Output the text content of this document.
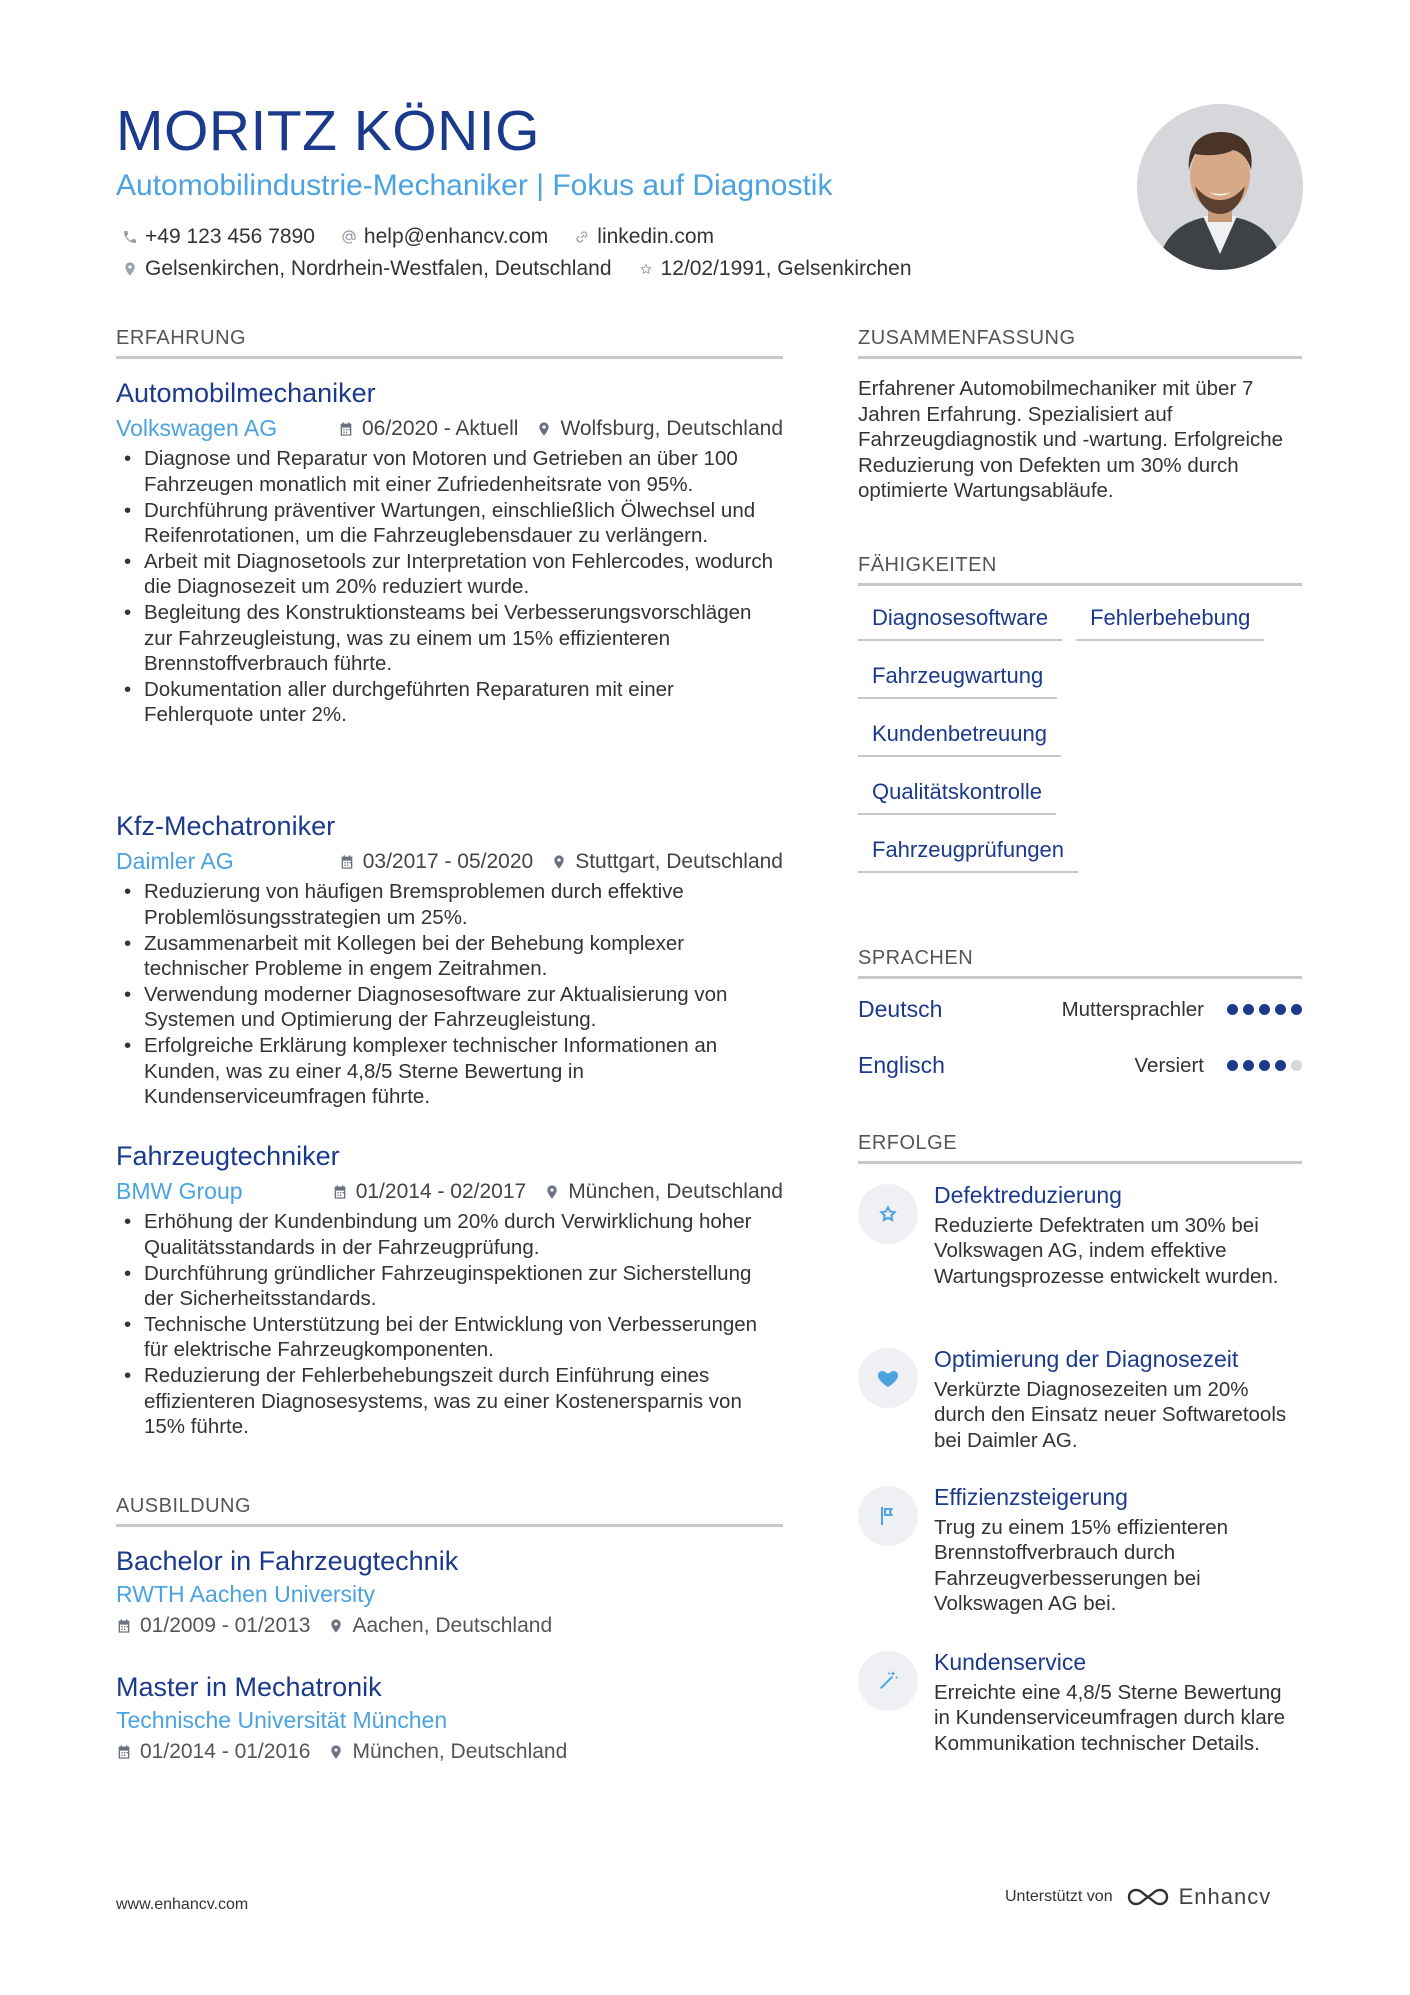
MORITZ KÖNIG
Automobilindustrie-Mechaniker | Fokus auf Diagnostik
+49 123 456 7890 help@enhancv.com linkedin.com
Gelsenkirchen, Nordrhein-Westfalen, Deutschland 12/02/1991, Gelsenkirchen
ERFAHRUNG
Automobilmechaniker
Volkswagen AG	06/2020 - Aktuell Wolfsburg, Deutschland
• Diagnose und Reparatur von Motoren und Getrieben an über 100 Fahrzeugen monatlich mit einer Zufriedenheitsrate von 95%.
• Durchführung präventiver Wartungen, einschließlich Ölwechsel und Reifenrotationen, um die Fahrzeuglebensdauer zu verlängern.
• Arbeit mit Diagnosetools zur Interpretation von Fehlercodes, wodurch die Diagnosezeit um 20% reduziert wurde.
• Begleitung des Konstruktionsteams bei Verbesserungsvorschlägen zur Fahrzeugleistung, was zu einem um 15% effizienteren Brennstoffverbrauch führte.
• Dokumentation aller durchgeführten Reparaturen mit einer Fehlerquote unter 2%.
Kfz-Mechatroniker
Daimler AG	03/2017 - 05/2020 Stuttgart, Deutschland
• Reduzierung von häufigen Bremsproblemen durch effektive Problemlösungsstrategien um 25%.
• Zusammenarbeit mit Kollegen bei der Behebung komplexer technischer Probleme in engem Zeitrahmen.
• Verwendung moderner Diagnosesoftware zur Aktualisierung von Systemen und Optimierung der Fahrzeugleistung.
• Erfolgreiche Erklärung komplexer technischer Informationen an Kunden, was zu einer 4,8/5 Sterne Bewertung in Kundenserviceumfragen führte.
Fahrzeugtechniker
BMW Group	01/2014 - 02/2017 München, Deutschland
• Erhöhung der Kundenbindung um 20% durch Verwirklichung hoher Qualitätsstandards in der Fahrzeugprüfung.
• Durchführung gründlicher Fahrzeuginspektionen zur Sicherstellung der Sicherheitsstandards.
• Technische Unterstützung bei der Entwicklung von Verbesserungen für elektrische Fahrzeugkomponenten.
• Reduzierung der Fehlerbehebungszeit durch Einführung eines effizienteren Diagnosesystems, was zu einer Kostenersparnis von 15% führte.
AUSBILDUNG
Bachelor in Fahrzeugtechnik
RWTH Aachen University
01/2009 - 01/2013 Aachen, Deutschland
Master in Mechatronik
Technische Universität München
01/2014 - 01/2016 München, Deutschland
ZUSAMMENFASSUNG
Erfahrener Automobilmechaniker mit über 7 Jahren Erfahrung. Spezialisiert auf Fahrzeugdiagnostik und -wartung. Erfolgreiche Reduzierung von Defekten um 30% durch optimierte Wartungsabläufe.
FÄHIGKEITEN
Diagnosesoftware	Fehlerbehebung
Fahrzeugwartung
Kundenbetreuung
Qualitätskontrolle
Fahrzeugprüfungen
SPRACHEN
Deutsch	Muttersprachler
Englisch	Versiert
ERFOLGE
Defektreduzierung
Reduzierte Defektraten um 30% bei Volkswagen AG, indem effektive Wartungsprozesse entwickelt wurden.
Optimierung der Diagnosezeit
Verkürzte Diagnosezeiten um 20% durch den Einsatz neuer Softwaretools bei Daimler AG.
Effizienzsteigerung
Trug zu einem 15% effizienteren Brennstoffverbrauch durch Fahrzeugverbesserungen bei Volkswagen AG bei.
Kundenservice
Erreichte eine 4,8/5 Sterne Bewertung in Kundenserviceumfragen durch klare Kommunikation technischer Details.
www.enhancv.com	Unterstützt von	Enhancv
